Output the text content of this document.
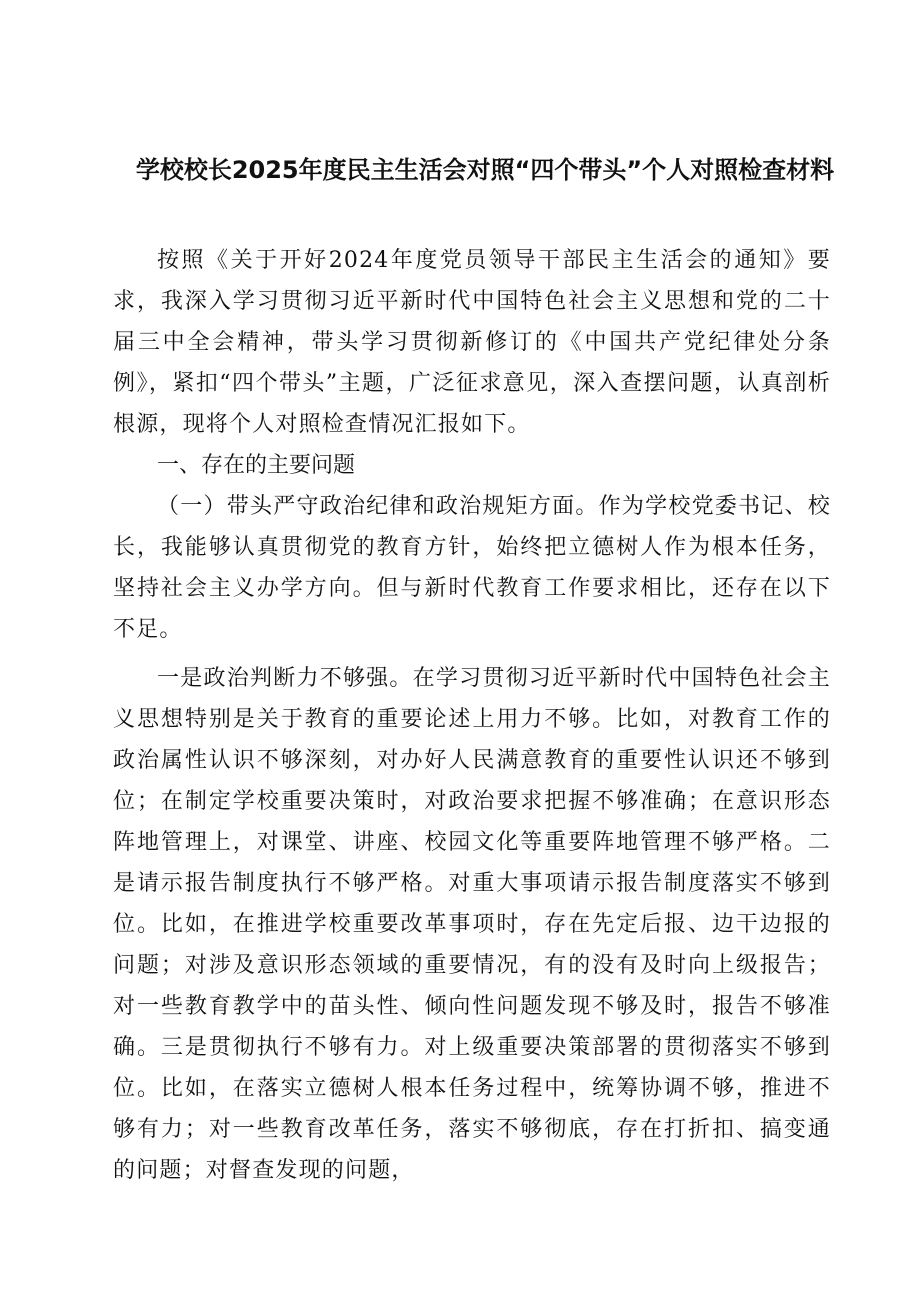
学校校长2025年度民主生活会对照“四个带头”个人对照检查材料

按照《关于开好2024年度党员领导干部民主生活会的通知》要求，我深入学习贯彻习近平新时代中国特色社会主义思想和党的二十届三中全会精神，带头学习贯彻新修订的《中国共产党纪律处分条例》，紧扣“四个带头”主题，广泛征求意见，深入查摆问题，认真剖析根源，现将个人对照检查情况汇报如下。

一、存在的主要问题

（一）带头严守政治纪律和政治规矩方面。作为学校党委书记、校长，我能够认真贯彻党的教育方针，始终把立德树人作为根本任务，坚持社会主义办学方向。但与新时代教育工作要求相比，还存在以下不足。

一是政治判断力不够强。在学习贯彻习近平新时代中国特色社会主义思想特别是关于教育的重要论述上用力不够。比如，对教育工作的政治属性认识不够深刻，对办好人民满意教育的重要性认识还不够到位；在制定学校重要决策时，对政治要求把握不够准确；在意识形态阵地管理上，对课堂、讲座、校园文化等重要阵地管理不够严格。二是请示报告制度执行不够严格。对重大事项请示报告制度落实不够到位。比如，在推进学校重要改革事项时，存在先定后报、边干边报的问题；对涉及意识形态领域的重要情况，有的没有及时向上级报告；对一些教育教学中的苗头性、倾向性问题发现不够及时，报告不够准确。三是贯彻执行不够有力。对上级重要决策部署的贯彻落实不够到位。比如，在落实立德树人根本任务过程中，统筹协调不够，推进不够有力；对一些教育改革任务，落实不够彻底，存在打折扣、搞变通的问题；对督查发现的问题，
